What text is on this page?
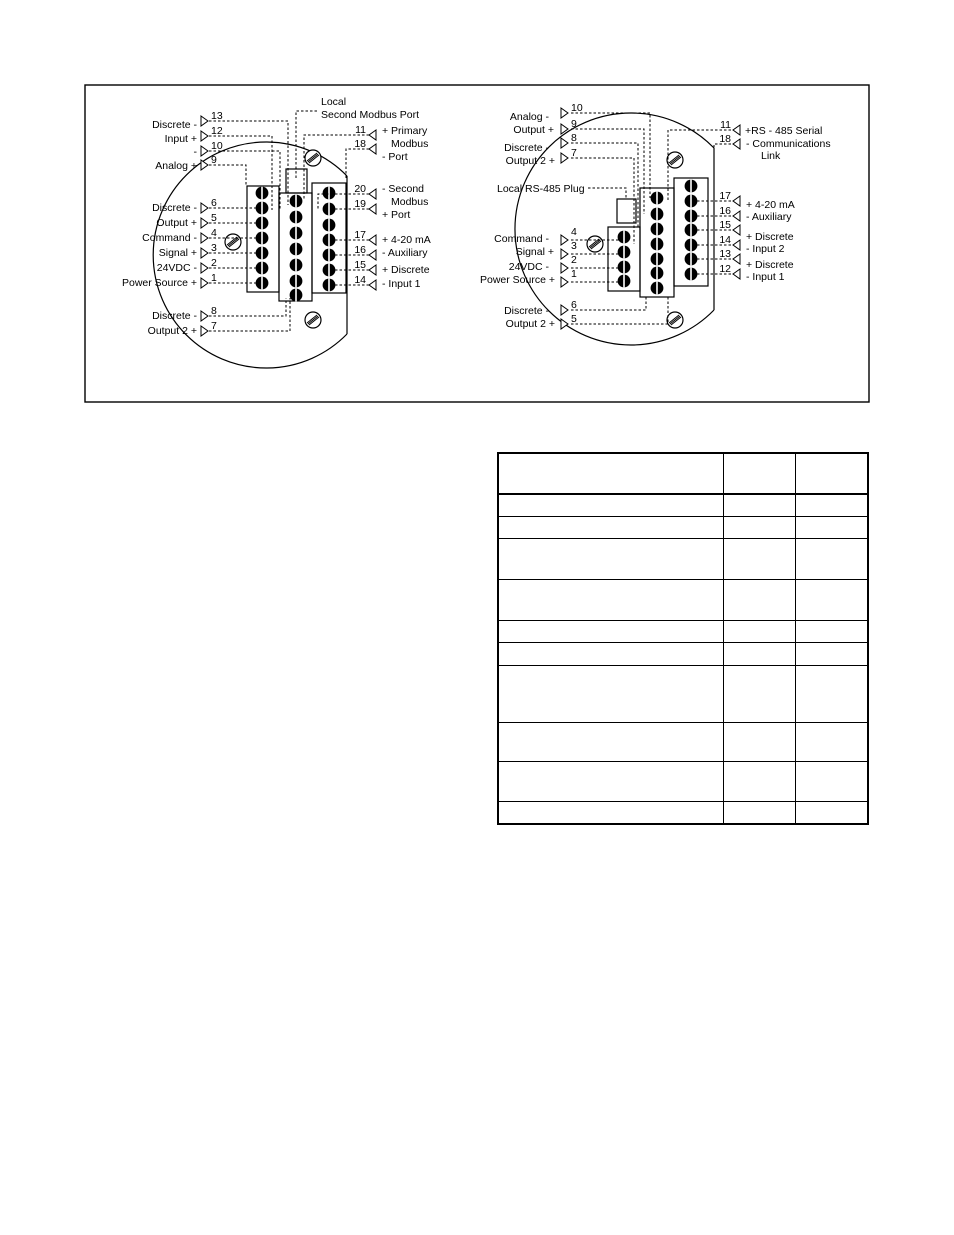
Discrete -
Input +
-
Analog +
Discrete -
Output +
Command -
Signal +
24VDC -
Power Source +
Discrete -
Output 2 +
13
12
10
9
6
5
4
3
2
1
8
7
11
18
20
19
17
16
15
14
Local
Second Modbus Port
+ Primary
Modbus
- Port
- Second
Modbus
+ Port
+ 4-20 mA
- Auxiliary
+ Discrete
- Input 1
Analog -
Output +
Discrete -
Output 2 +
Command -
Signal +
24VDC -
Power Source +
Discrete -
Output 2 +
Local RS-485 Plug
10
9
8
7
4
3
2
1
6
5
11
18
17
16
15
14
13
12
+RS - 485 Serial
- Communications
Link
+ 4-20 mA
- Auxiliary
+ Discrete
- Input 2
+ Discrete
- Input 1
